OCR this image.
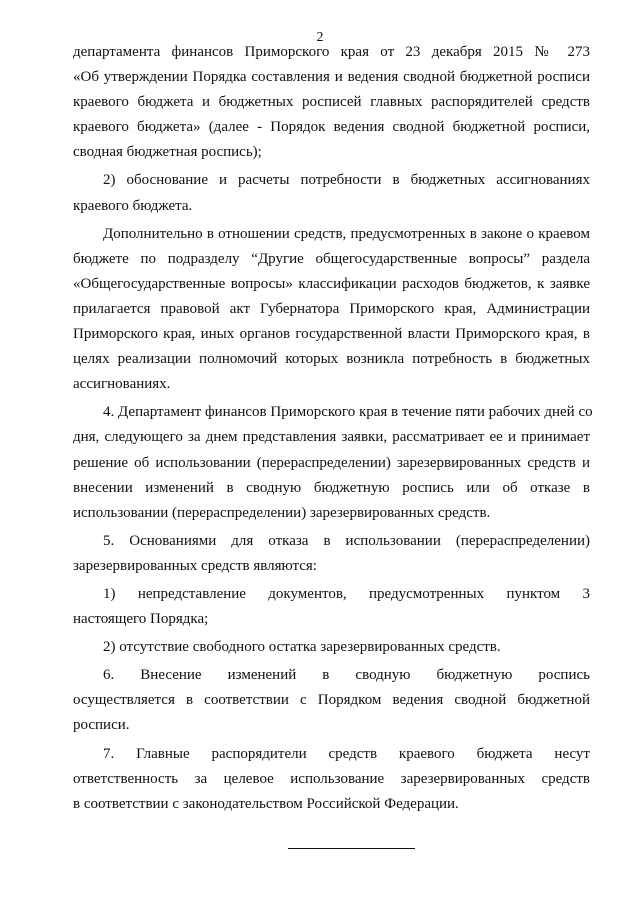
2
департамента финансов Приморского края от 23 декабря 2015 № 273
«Об утверждении Порядка составления и ведения сводной бюджетной росписи
краевого бюджета и бюджетных росписей главных распорядителей средств
краевого бюджета» (далее - Порядок ведения сводной бюджетной росписи,
сводная бюджетная роспись);
2) обоснование и расчеты потребности в бюджетных ассигнованиях
краевого бюджета.
Дополнительно в отношении средств, предусмотренных в законе о краевом
бюджете по подразделу “Другие общегосударственные вопросы” раздела
«Общегосударственные вопросы» классификации расходов бюджетов, к заявке
прилагается правовой акт Губернатора Приморского края, Администрации
Приморского края, иных органов государственной власти Приморского края, в
целях реализации полномочий которых возникла потребность в бюджетных
ассигнованиях.
4. Департамент финансов Приморского края в течение пяти рабочих дней со
дня, следующего за днем представления заявки, рассматривает ее и принимает
решение об использовании (перераспределении) зарезервированных средств и
внесении изменений в сводную бюджетную роспись или об отказе в
использовании (перераспределении) зарезервированных средств.
5. Основаниями для отказа в использовании (перераспределении)
зарезервированных средств являются:
1) непредставление документов, предусмотренных пунктом 3
настоящего Порядка;
2) отсутствие свободного остатка зарезервированных средств.
6. Внесение изменений в сводную бюджетную роспись
осуществляется в соответствии с Порядком ведения сводной бюджетной
росписи.
7. Главные распорядители средств краевого бюджета несут
ответственность за целевое использование зарезервированных средств
в соответствии с законодательством Российской Федерации.
